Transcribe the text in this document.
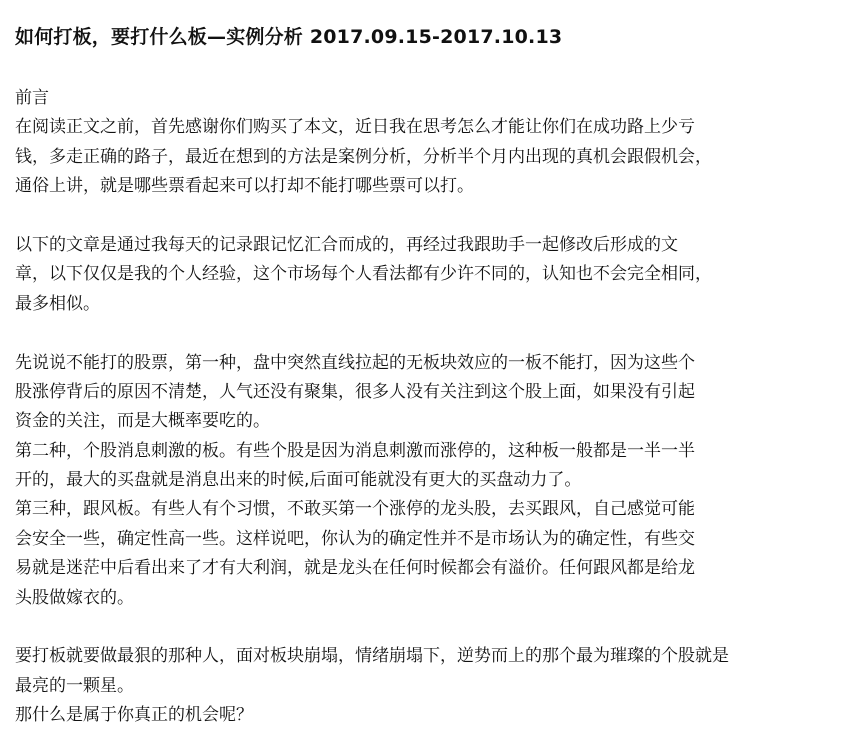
如何打板，要打什么板—实例分析 2017.09.15-2017.10.13
前言
在阅读正文之前，首先感谢你们购买了本文，近日我在思考怎么才能让你们在成功路上少亏
钱，多走正确的路子，最近在想到的方法是案例分析，分析半个月内出现的真机会跟假机会，
通俗上讲，就是哪些票看起来可以打却不能打哪些票可以打。
以下的文章是通过我每天的记录跟记忆汇合而成的，再经过我跟助手一起修改后形成的文
章，以下仅仅是我的个人经验，这个市场每个人看法都有少许不同的，认知也不会完全相同，
最多相似。
先说说不能打的股票，第一种，盘中突然直线拉起的无板块效应的一板不能打，因为这些个
股涨停背后的原因不清楚，人气还没有聚集，很多人没有关注到这个股上面，如果没有引起
资金的关注，而是大概率要吃的。
第二种，个股消息刺激的板。有些个股是因为消息刺激而涨停的，这种板一般都是一半一半
开的，最大的买盘就是消息出来的时候,后面可能就没有更大的买盘动力了。
第三种，跟风板。有些人有个习惯，不敢买第一个涨停的龙头股，去买跟风，自己感觉可能
会安全一些，确定性高一些。这样说吧，你认为的确定性并不是市场认为的确定性，有些交
易就是迷茫中后看出来了才有大利润，就是龙头在任何时候都会有溢价。任何跟风都是给龙
头股做嫁衣的。
要打板就要做最狠的那种人，面对板块崩塌，情绪崩塌下，逆势而上的那个最为璀璨的个股就是
最亮的一颗星。
那什么是属于你真正的机会呢？
